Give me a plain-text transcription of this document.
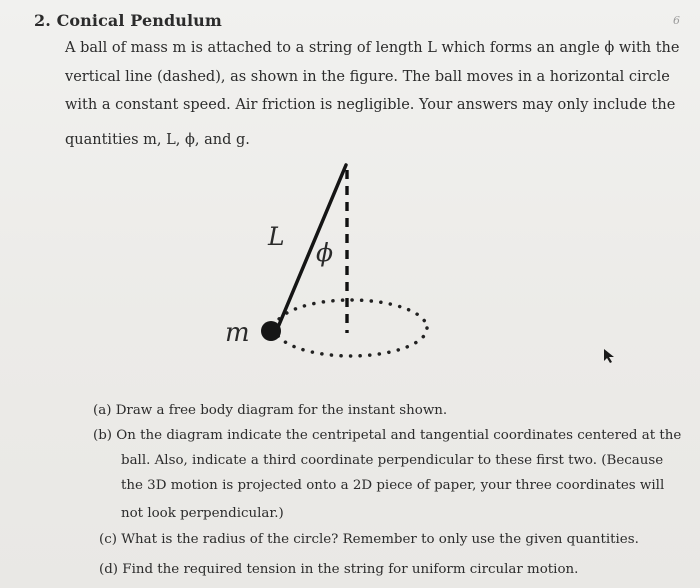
2. Conical Pendulum
A ball of mass m is attached to a string of length L which forms an angle ϕ with the
vertical line (dashed), as shown in the figure. The ball moves in a horizontal circle
with a constant speed. Air friction is negligible. Your answers may only include the
quantities m, L, ϕ, and g.
L
ϕ
m
(a) Draw a free body diagram for the instant shown.
(b) On the diagram indicate the centripetal and tangential coordinates centered at the
ball. Also, indicate a third coordinate perpendicular to these first two. (Because
the 3D motion is projected onto a 2D piece of paper, your three coordinates will
not look perpendicular.)
(c) What is the radius of the circle? Remember to only use the given quantities.
(d) Find the required tension in the string for uniform circular motion.
6
